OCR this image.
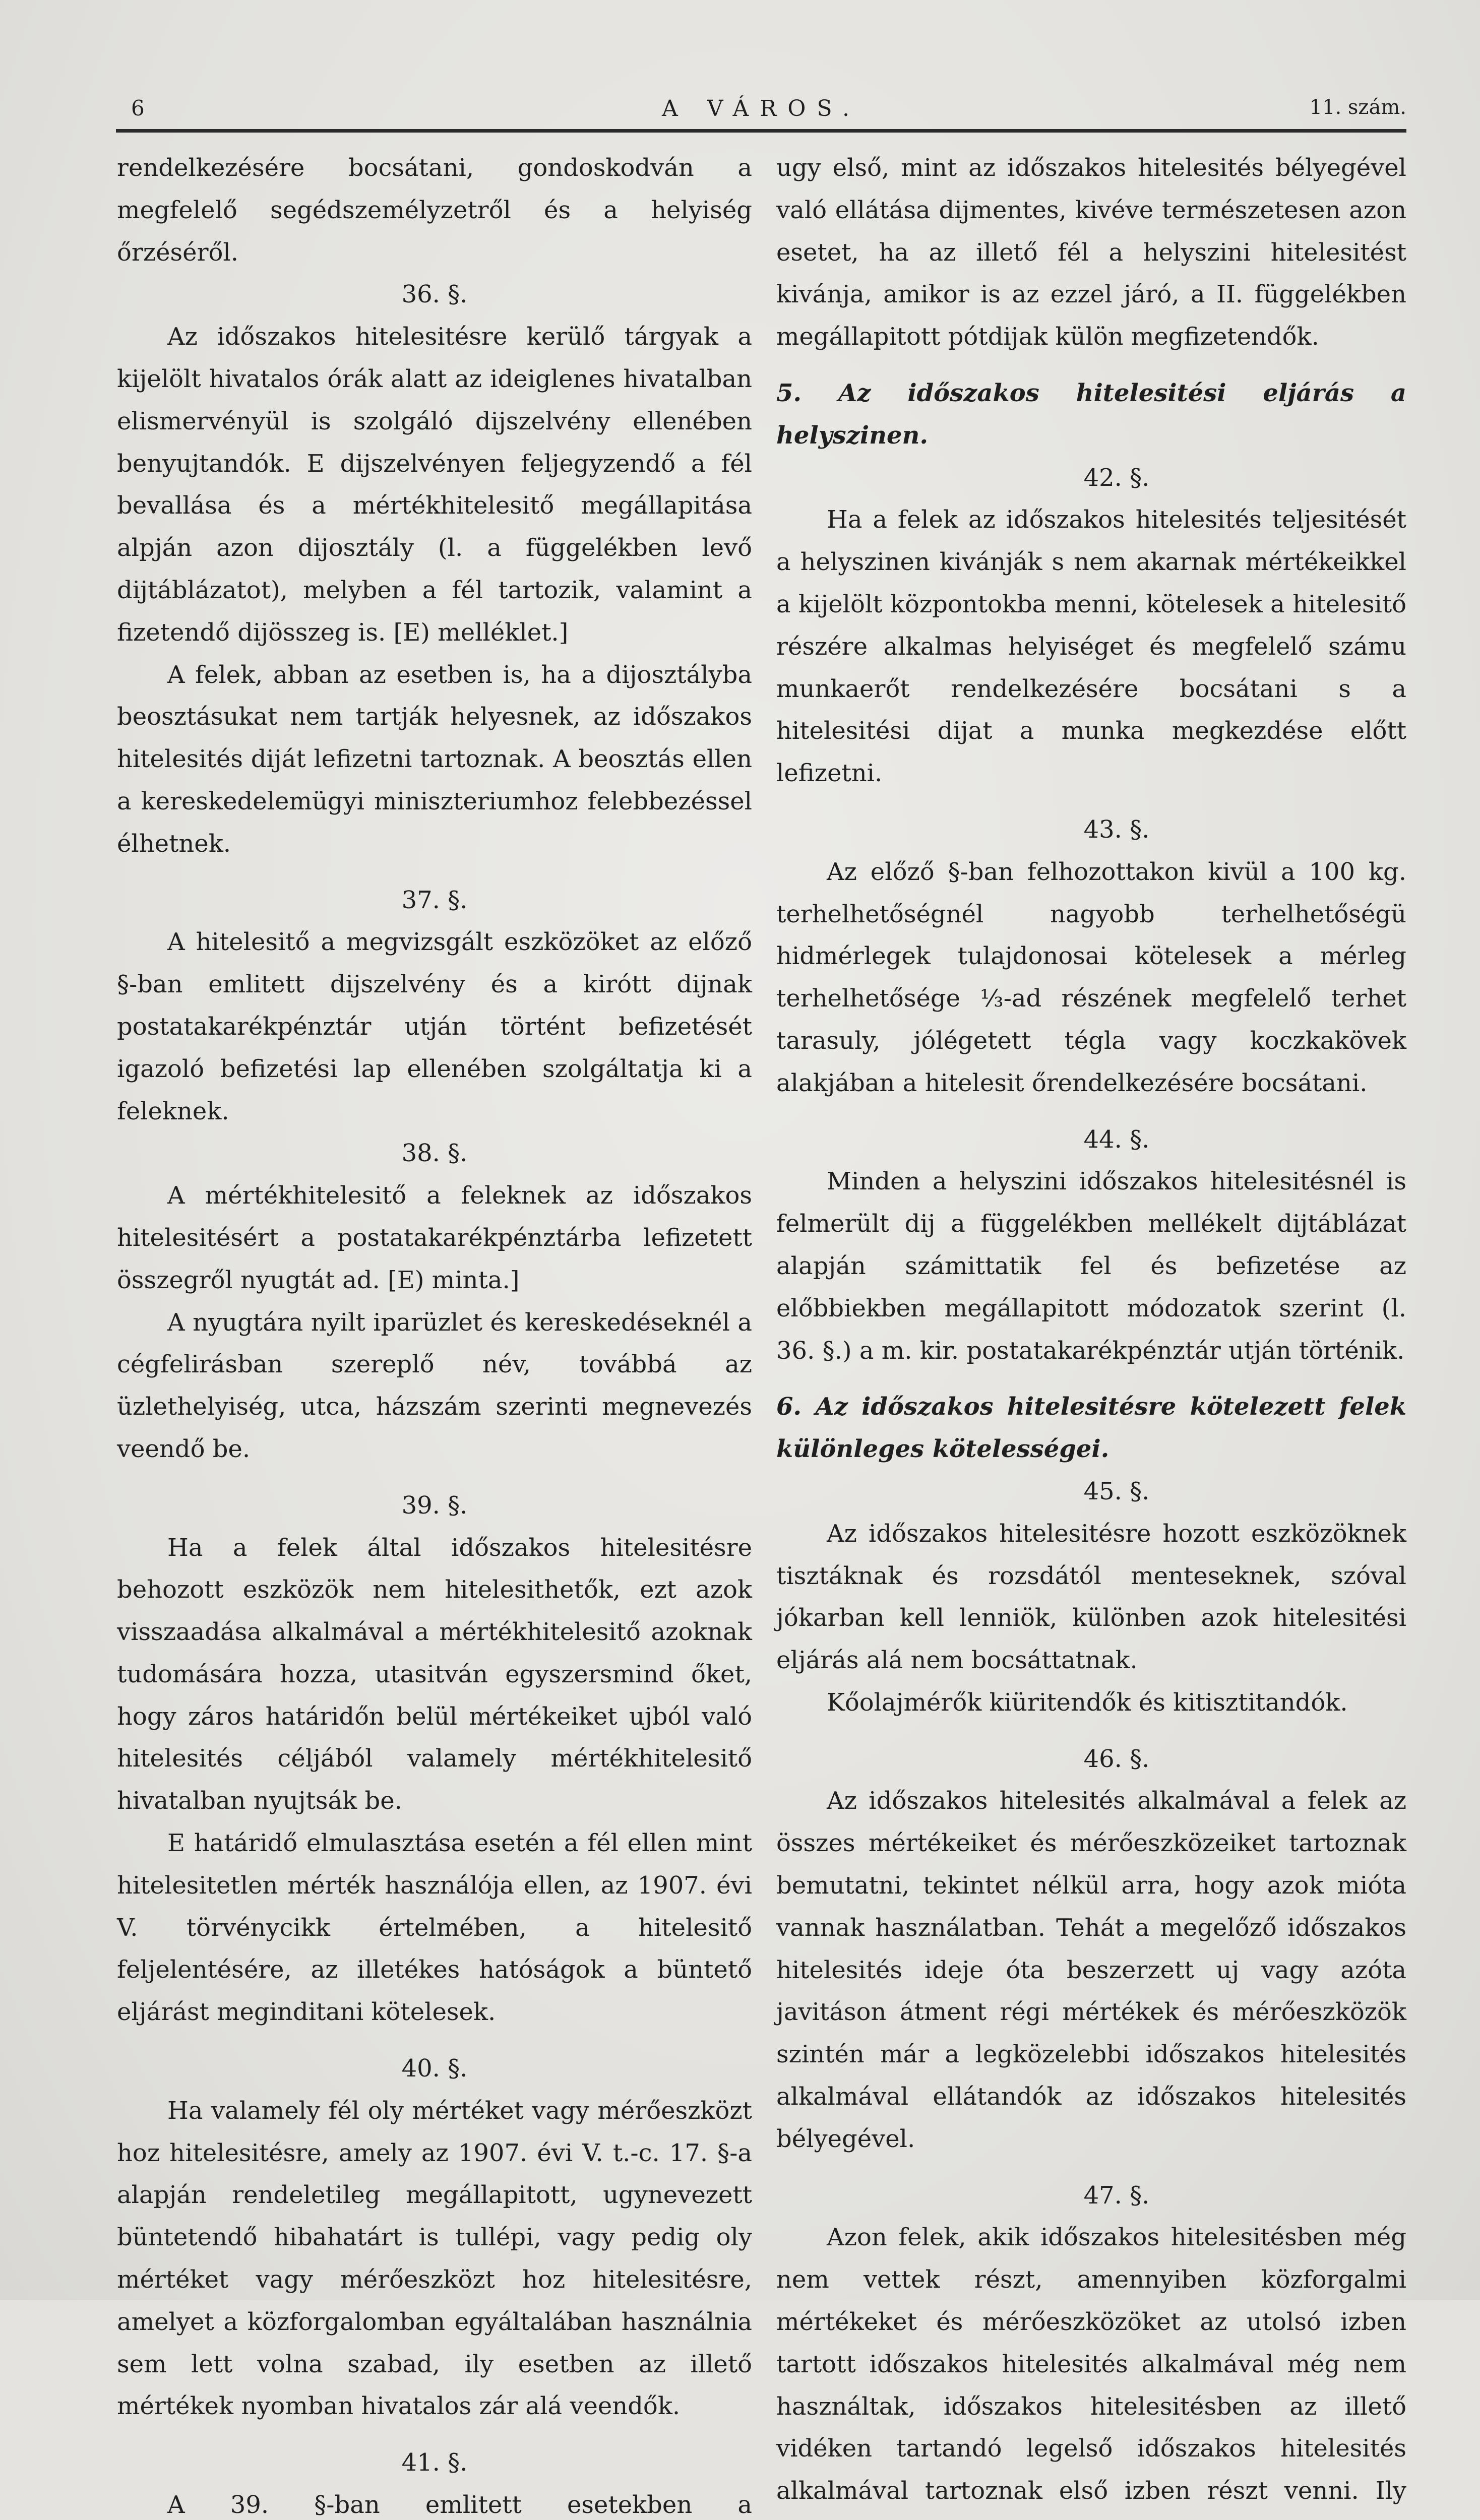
6	A VÁROS.	11. szám.

rendelkezésére bocsátani, gondoskodván a megfelelő segédszemélyzetről és a helyiség őrzéséről.

36. §.

Az időszakos hitelesitésre kerülő tárgyak a kijelölt hivatalos órák alatt az ideiglenes hivatalban elismervényül is szolgáló dijszelvény ellenében benyujtandók. E dijszelvényen feljegyzendő a fél bevallása és a mértékhitelesitő megállapitása alpján azon dijosztály (l. a függelékben levő dijtáblázatot), melyben a fél tartozik, valamint a fizetendő dijösszeg is. [E) melléklet.]

A felek, abban az esetben is, ha a dijosztályba beosztásukat nem tartják helyesnek, az időszakos hitelesités diját lefizetni tartoznak. A beosztás ellen a kereskedelemügyi miniszteriumhoz felebbezéssel élhetnek.

37. §.

A hitelesitő a megvizsgált eszközöket az előző §-ban emlitett dijszelvény és a kirótt dijnak postatakarékpénztár utján történt befizetését igazoló befizetési lap ellenében szolgáltatja ki a feleknek.

38. §.

A mértékhitelesitő a feleknek az időszakos hitelesitésért a postatakarékpénztárba lefizetett összegről nyugtát ad. [E) minta.]

A nyugtára nyilt iparüzlet és kereskedéseknél a cégfelirásban szereplő név, továbbá az üzlethelyiség, utca, házszám szerinti megnevezés veendő be.

39. §.

Ha a felek által időszakos hitelesitésre behozott eszközök nem hitelesithetők, ezt azok visszaadása alkalmával a mértékhitelesitő azoknak tudomására hozza, utasitván egyszersmind őket, hogy záros határidőn belül mértékeiket ujból való hitelesités céljából valamely mértékhitelesitő hivatalban nyujtsák be.

E határidő elmulasztása esetén a fél ellen mint hitelesitetlen mérték használója ellen, az 1907. évi V. törvénycikk értelmében, a hitelesitő feljelentésére, az illetékes hatóságok a büntető eljárást meginditani kötelesek.

40. §.

Ha valamely fél oly mértéket vagy mérőeszközt hoz hitelesitésre, amely az 1907. évi V. t.-c. 17. §-a alapján rendeletileg megállapitott, ugynevezett büntetendő hibahatárt is tullépi, vagy pedig oly mértéket vagy mérőeszközt hoz hitelesitésre, amelyet a közforgalomban egyáltalában használnia sem lett volna szabad, ily esetben az illető mértékek nyomban hivatalos zár alá veendők.

41. §.

A 39. §-ban emlitett esetekben a

ugy első, mint az időszakos hitelesités bélyegével való ellátása dijmentes, kivéve természetesen azon esetet, ha az illető fél a helyszini hitelesitést kivánja, amikor is az ezzel járó, a II. függelékben megállapitott pótdijak külön megfizetendők.

5. Az időszakos hitelesitési eljárás a helyszinen.

42. §.

Ha a felek az időszakos hitelesités teljesitését a helyszinen kivánják s nem akarnak mértékeikkel a kijelölt központokba menni, kötelesek a hitelesitő részére alkalmas helyiséget és megfelelő számu munkaerőt rendelkezésére bocsátani s a hitelesitési dijat a munka megkezdése előtt lefizetni.

43. §.

Az előző §-ban felhozottakon kivül a 100 kg. terhelhetőségnél nagyobb terhelhetőségü hidmérlegek tulajdonosai kötelesek a mérleg terhelhetősége ⅓-ad részének megfelelő terhet tarasuly, jólégetett tégla vagy koczkakövek alakjában a hitelesit őrendelkezésére bocsátani.

44. §.

Minden a helyszini időszakos hitelesitésnél is felmerült dij a függelékben mellékelt dijtáblázat alapján számittatik fel és befizetése az előbbiekben megállapitott módozatok szerint (l. 36. §.) a m. kir. postatakarékpénztár utján történik.

6. Az időszakos hitelesitésre kötelezett felek különleges kötelességei.

45. §.

Az időszakos hitelesitésre hozott eszközöknek tisztáknak és rozsdától menteseknek, szóval jókarban kell lenniök, különben azok hitelesitési eljárás alá nem bocsáttatnak.

Kőolajmérők kiüritendők és kitisztitandók.

46. §.

Az időszakos hitelesités alkalmával a felek az összes mértékeiket és mérőeszközeiket tartoznak bemutatni, tekintet nélkül arra, hogy azok mióta vannak használatban. Tehát a megelőző időszakos hitelesités ideje óta beszerzett uj vagy azóta javitáson átment régi mértékek és mérőeszközök szintén már a legközelebbi időszakos hitelesités alkalmával ellátandók az időszakos hitelesités bélyegével.

47. §.

Azon felek, akik időszakos hitelesitésben még nem vettek részt, amennyiben közforgalmi mértékeket és mérőeszközöket az utolsó izben tartott időszakos hitelesités alkalmával még nem használtak, időszakos hitelesitésben az illető vidéken tartandó legelső időszakos hitelesités alkalmával tartoznak első izben részt venni. Ily
